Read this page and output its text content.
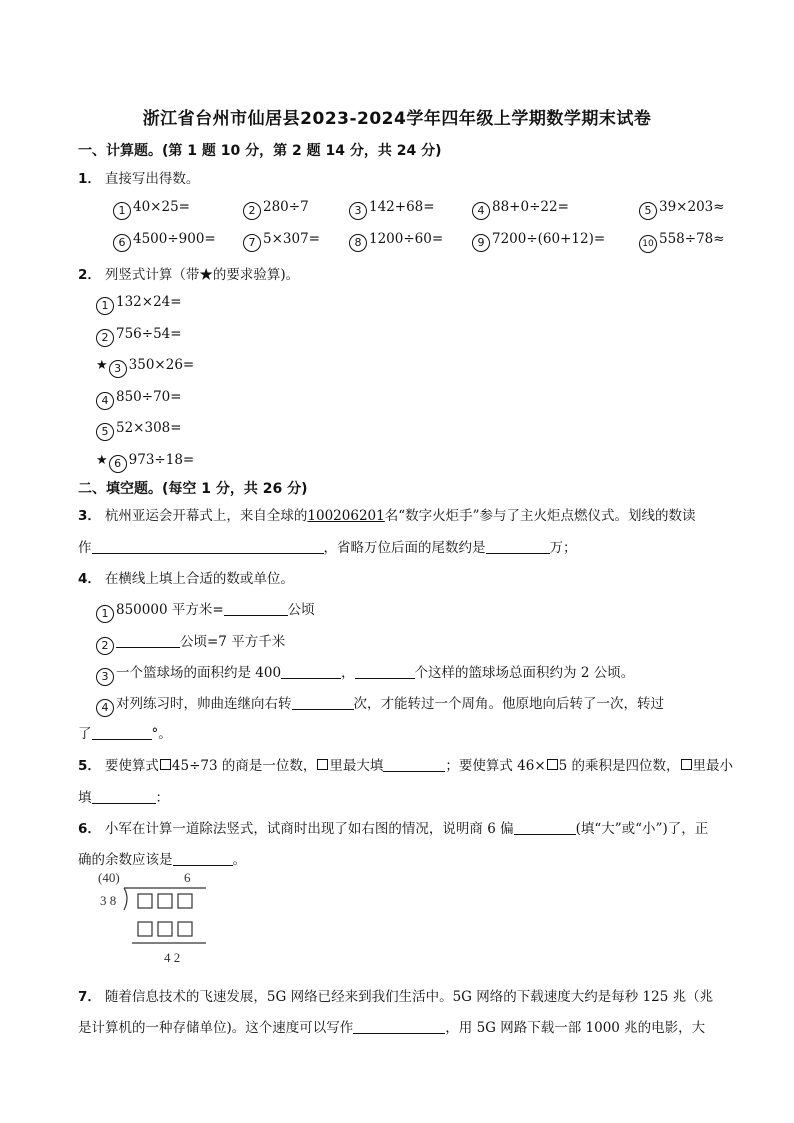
浙江省台州市仙居县2023-2024学年四年级上学期数学期末试卷
一、计算题。(第 1 题 10 分，第 2 题 14 分，共 24 分)
1． 直接写出得数。
1 40×25=	2 280÷7	3 142+68=	4 88+0÷22=	5 39×203≈
6 4500÷900=	7 5×307=	8 1200÷60=	9 7200÷(60+12)=	10 558÷78≈
2． 列竖式计算（带★的要求验算)。
1 132×24=
2 756÷54=
★ 3 350×26=
4 850÷70=
5 52×308=
★ 6 973÷18=
二、填空题。(每空 1 分，共 26 分)
3． 杭州亚运会开幕式上，来自全球的100206201名“数字火炬手”参与了主火炬点燃仪式。划线的数读
作	，省略万位后面的尾数约是	万；
4． 在横线上填上合适的数或单位。
1 850000 平方米=	公顷
2	公顷=7 平方千米
3 一个篮球场的面积约是 400	，	个这样的篮球场总面积约为 2 公顷。
4 对列练习时，帅曲连继向右转	次，才能转过一个周角。他原地向后转了一次，转过
了	°。
5． 要使算式 45÷73 的商是一位数， 里最大填	；要使算式 46× 5 的乘积是四位数， 里最小
填	：
6． 小军在计算一道除法竖式，试商时出现了如右图的情况，说明商 6 偏	(填“大”或“小”)了，正
确的余数应该是	。
(40)	6
3 8
4 2
7． 随着信息技术的飞速发展，5G 网络已经来到我们生活中。5G 网络的下载速度大约是每秒 125 兆（兆
是计算机的一种存储单位)。这个速度可以写作	，用 5G 网路下载一部 1000 兆的电影，大
